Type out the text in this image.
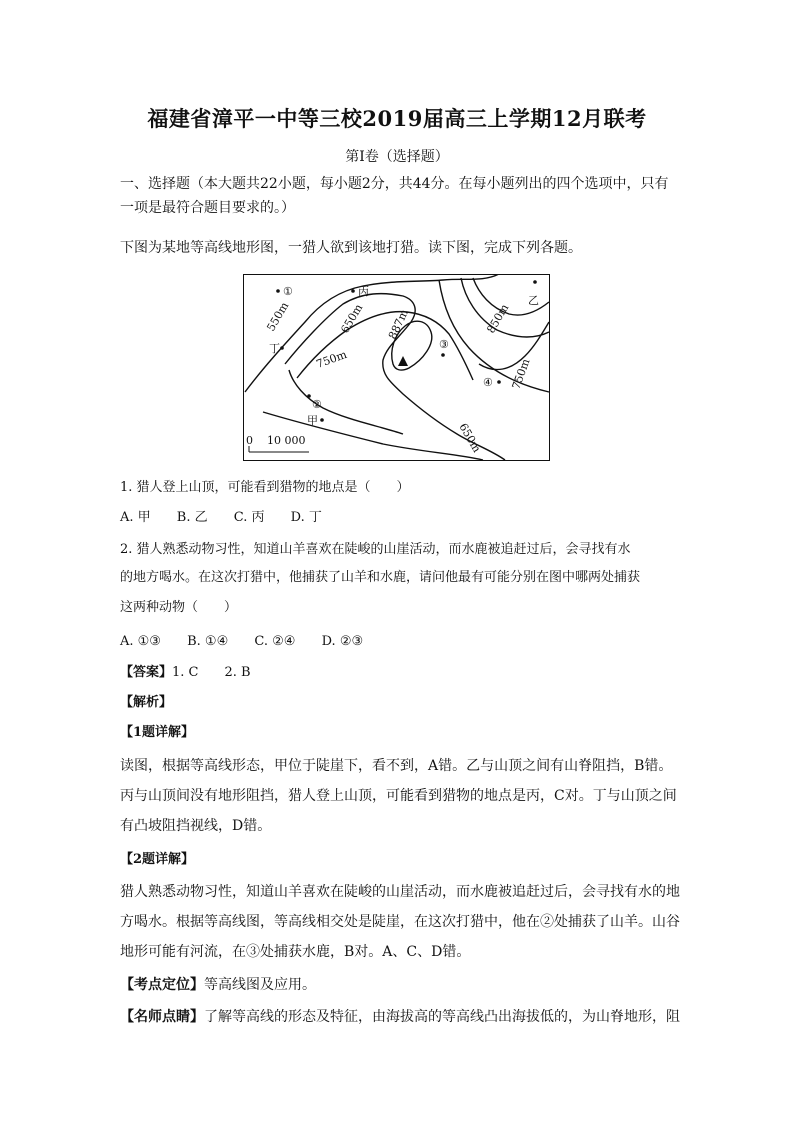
福建省漳平一中等三校2019届高三上学期12月联考
第Ⅰ卷（选择题）
一、选择题（本大题共22小题，每小题2分，共44分。在每小题列出的四个选项中，只有
一项是最符合题目要求的。）
下图为某地等高线地形图，一猎人欲到该地打猎。读下图，完成下列各题。
①	丙
乙
丁
②
甲
③
④
550m	650m 887m	850m
750m	750m
650m
0 10 000
1. 猎人登上山顶，可能看到猎物的地点是（　　）
A. 甲 B. 乙 C. 丙 D. 丁
2. 猎人熟悉动物习性，知道山羊喜欢在陡峻的山崖活动，而水鹿被追赶过后，会寻找有水
的地方喝水。在这次打猎中，他捕获了山羊和水鹿，请问他最有可能分别在图中哪两处捕获
这两种动物（　　）
A. ①③ B. ①④ C. ②④ D. ②③
【答案】1. C　　2. B
【解析】
【1题详解】
读图，根据等高线形态，甲位于陡崖下，看不到，A错。乙与山顶之间有山脊阻挡，B错。
丙与山顶间没有地形阻挡，猎人登上山顶，可能看到猎物的地点是丙，C对。丁与山顶之间
有凸坡阻挡视线，D错。
【2题详解】
猎人熟悉动物习性，知道山羊喜欢在陡峻的山崖活动，而水鹿被追赶过后，会寻找有水的地
方喝水。根据等高线图，等高线相交处是陡崖，在这次打猎中，他在②处捕获了山羊。山谷
地形可能有河流，在③处捕获水鹿，B对。A、C、D错。
【考点定位】等高线图及应用。
【名师点睛】了解等高线的形态及特征，由海拔高的等高线凸出海拔低的，为山脊地形，阻
